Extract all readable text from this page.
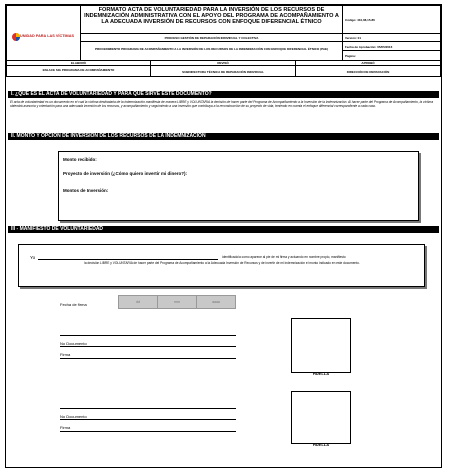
UNIDAD PARA LAS VÍCTIMAS
FORMATO ACTA DE VOLUNTARIEDAD PARA LA INVERSIÓN DE LOS RECURSOS DE INDEMNIZACIÓN ADMINISTRATIVA CON EL APOYO DEL PROGRAMA DE ACOMPAÑAMIENTO A LA ADECUADA INVERSIÓN DE RECURSOS CON ENFOQUE DIFERENCIAL ÉTNICO
PROCESO GESTIÓN DE REPARACIÓN INDIVIDUAL Y COLECTIVA
PROCEDIMIENTO PROGRAMA DE ACOMPAÑAMIENTO A LA INVERSIÓN DE LOS RECURSOS DE LA INDEMNIZACIÓN CON ENFOQUE DIFERENCIAL ÉTNICO (PAE)
Código: 410,08,15-86
Versión: 01
Fecha de Aprobación: 05/05/2016
Página:
ELABORÓ	REVISÓ	APROBÓ
ENLACE SIG PROGRAMA DE ACOMPAÑAMIENTO	SUBDIRECTORA TÉCNICA DE REPARACIÓN INDIVIDUAL	DIRECCIÓN DE REPARACIÓN
I. ¿QUÉ ES EL ACTA DE VOLUNTARIEDAD Y PARA QUÉ SIRVE ESTE DOCUMENTO?
El acta de voluntariedad es un documento en el cual la víctima destinataria de la indemnización manifiesta de manera LIBRE y VOLUNTARIA la decisión de hacer parte del Programa de Acompañamiento a la Inversión de la Indemnización. Al hacer parte del Programa de Acompañamiento, la víctima obtendrá asesoría y orientación para una adecuada inversión de los recursos, y acompañamiento y seguimiento a una inversión que contribuya a la reconstrucción de su proyecto de vida, teniendo en cuenta el enfoque diferencial correspondiente a cada caso.
II. MONTO Y OPCIÓN DE INVERSIÓN DE LOS RECURSOS DE LA INDEMNIZACIÓN
Monto recibido:
Proyecto de inversión (¿Cómo quiero invertir mi dinero?):
Montos de Inversión:
III - MANIFIESTO DE VOLUNTARIEDAD
Yo	identificado/a como aparece al pie de mi firma y actuando en nombre propio, manifiesto
la decisión LIBRE y VOLUNTARIA de hacer parte del Programa de Acompañamiento a la Adecuada Inversión de Recursos y de invertir de mi indemnización el monto indicado en este documento.
Fecha de firma	dd	mm	aaaa
No Documento
Firma
HUELLA
No Documento
Firma
HUELLA
